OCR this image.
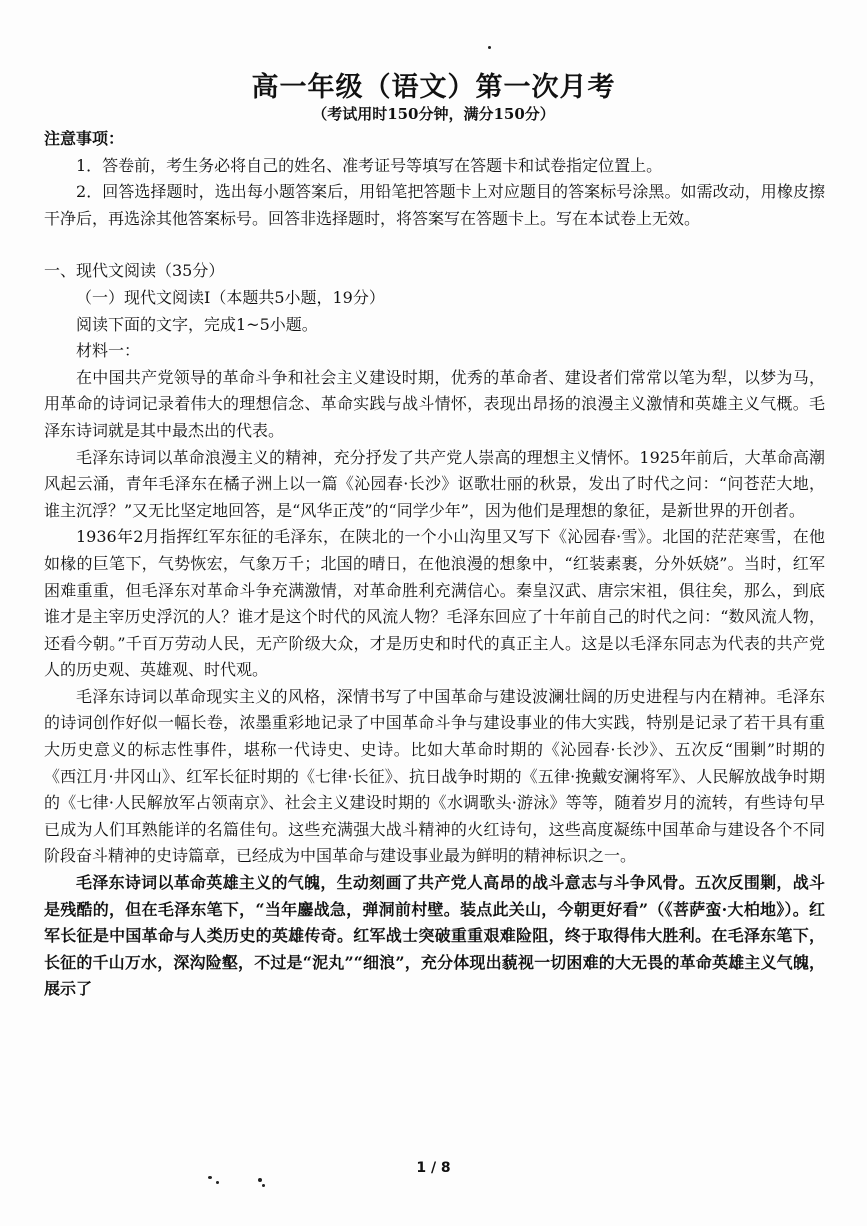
高一年级（语文）第一次月考
（考试用时150分钟，满分150分）

注意事项：

1．答卷前，考生务必将自己的姓名、准考证号等填写在答题卡和试卷指定位置上。

2．回答选择题时，选出每小题答案后，用铅笔把答题卡上对应题目的答案标号涂黑。如需改动，用橡皮擦干净后，再选涂其他答案标号。回答非选择题时，将答案写在答题卡上。写在本试卷上无效。

一、现代文阅读（35分）

（一）现代文阅读Ⅰ（本题共5小题，19分）

阅读下面的文字，完成1~5小题。

材料一：

在中国共产党领导的革命斗争和社会主义建设时期，优秀的革命者、建设者们常常以笔为犁，以梦为马，用革命的诗词记录着伟大的理想信念、革命实践与战斗情怀，表现出昂扬的浪漫主义激情和英雄主义气概。毛泽东诗词就是其中最杰出的代表。

毛泽东诗词以革命浪漫主义的精神，充分抒发了共产党人崇高的理想主义情怀。1925年前后，大革命高潮风起云涌，青年毛泽东在橘子洲上以一篇《沁园春·长沙》讴歌壮丽的秋景，发出了时代之问：“问苍茫大地，谁主沉浮？”又无比坚定地回答，是“风华正茂”的“同学少年”，因为他们是理想的象征，是新世界的开创者。

1936年2月指挥红军东征的毛泽东，在陕北的一个小山沟里又写下《沁园春·雪》。北国的茫茫寒雪，在他如椽的巨笔下，气势恢宏，气象万千；北国的晴日，在他浪漫的想象中，“红装素裹，分外妖娆”。当时，红军困难重重，但毛泽东对革命斗争充满激情，对革命胜利充满信心。秦皇汉武、唐宗宋祖，俱往矣，那么，到底谁才是主宰历史浮沉的人？谁才是这个时代的风流人物？毛泽东回应了十年前自己的时代之问：“数风流人物，还看今朝。”千百万劳动人民，无产阶级大众，才是历史和时代的真正主人。这是以毛泽东同志为代表的共产党人的历史观、英雄观、时代观。

毛泽东诗词以革命现实主义的风格，深情书写了中国革命与建设波澜壮阔的历史进程与内在精神。毛泽东的诗词创作好似一幅长卷，浓墨重彩地记录了中国革命斗争与建设事业的伟大实践，特别是记录了若干具有重大历史意义的标志性事件，堪称一代诗史、史诗。比如大革命时期的《沁园春·长沙》、五次反“围剿”时期的《西江月·井冈山》、红军长征时期的《七律·长征》、抗日战争时期的《五律·挽戴安澜将军》、人民解放战争时期的《七律·人民解放军占领南京》、社会主义建设时期的《水调歌头·游泳》等等，随着岁月的流转，有些诗句早已成为人们耳熟能详的名篇佳句。这些充满强大战斗精神的火红诗句，这些高度凝练中国革命与建设各个不同阶段奋斗精神的史诗篇章，已经成为中国革命与建设事业最为鲜明的精神标识之一。

毛泽东诗词以革命英雄主义的气魄，生动刻画了共产党人高昂的战斗意志与斗争风骨。五次反围剿，战斗是残酷的，但在毛泽东笔下，“当年鏖战急，弹洞前村壁。装点此关山，今朝更好看”（《菩萨蛮·大柏地》）。红军长征是中国革命与人类历史的英雄传奇。红军战士突破重重艰难险阻，终于取得伟大胜利。在毛泽东笔下，长征的千山万水，深沟险壑，不过是“泥丸”“细浪”，充分体现出藐视一切困难的大无畏的革命英雄主义气魄，展示了

1 / 8
